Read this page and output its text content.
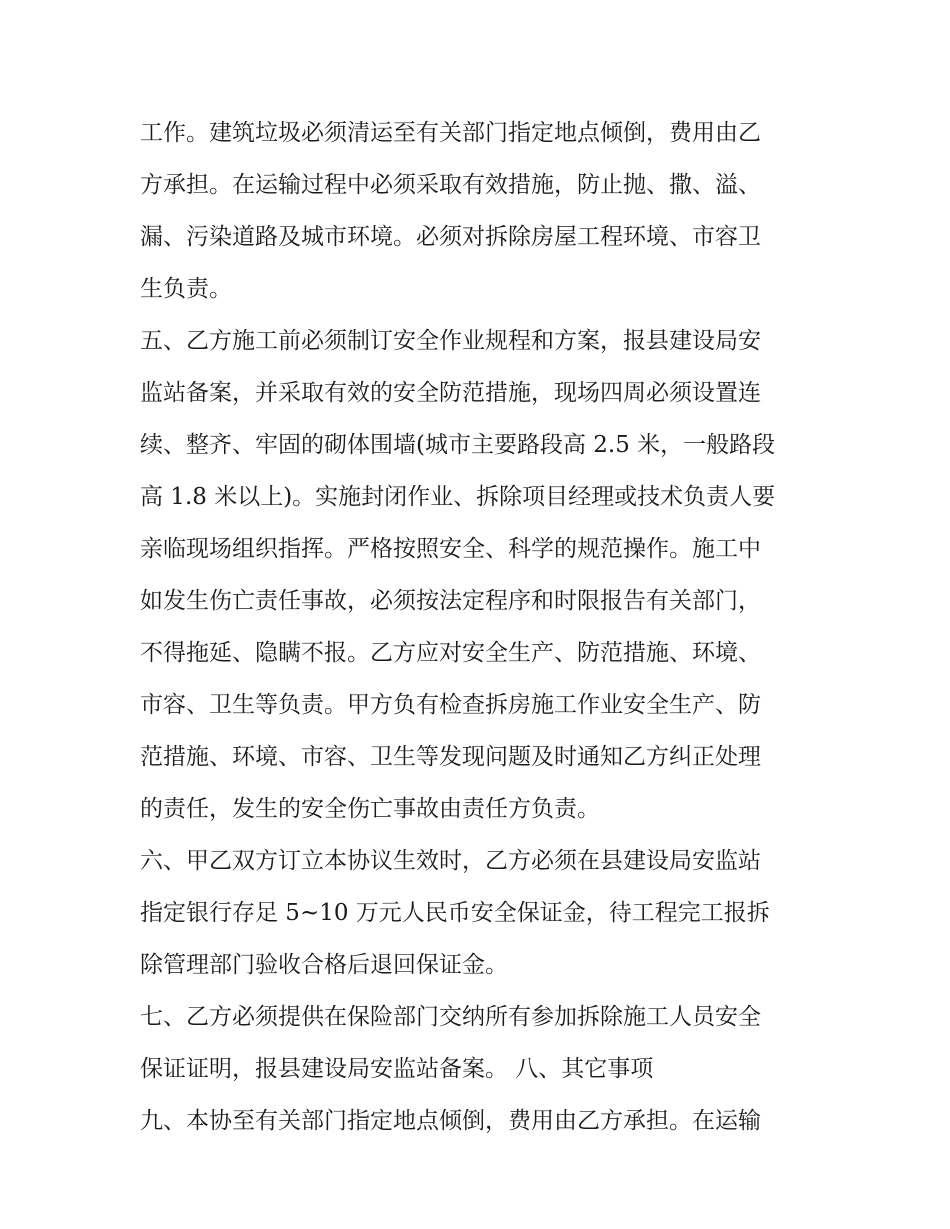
工作。建筑垃圾必须清运至有关部门指定地点倾倒，费用由乙
方承担。在运输过程中必须采取有效措施，防止抛、撒、溢、
漏、污染道路及城市环境。必须对拆除房屋工程环境、市容卫
生负责。
五、乙方施工前必须制订安全作业规程和方案，报县建设局安
监站备案，并采取有效的安全防范措施，现场四周必须设置连
续、整齐、牢固的砌体围墙(城市主要路段高 2.5 米，一般路段
高 1.8 米以上)。实施封闭作业、拆除项目经理或技术负责人要
亲临现场组织指挥。严格按照安全、科学的规范操作。施工中
如发生伤亡责任事故，必须按法定程序和时限报告有关部门，
不得拖延、隐瞒不报。乙方应对安全生产、防范措施、环境、
市容、卫生等负责。甲方负有检查拆房施工作业安全生产、防
范措施、环境、市容、卫生等发现问题及时通知乙方纠正处理
的责任，发生的安全伤亡事故由责任方负责。
六、甲乙双方订立本协议生效时，乙方必须在县建设局安监站
指定银行存足 5~10 万元人民币安全保证金，待工程完工报拆
除管理部门验收合格后退回保证金。
七、乙方必须提供在保险部门交纳所有参加拆除施工人员安全
保证证明，报县建设局安监站备案。 八、其它事项
九、本协至有关部门指定地点倾倒，费用由乙方承担。在运输
